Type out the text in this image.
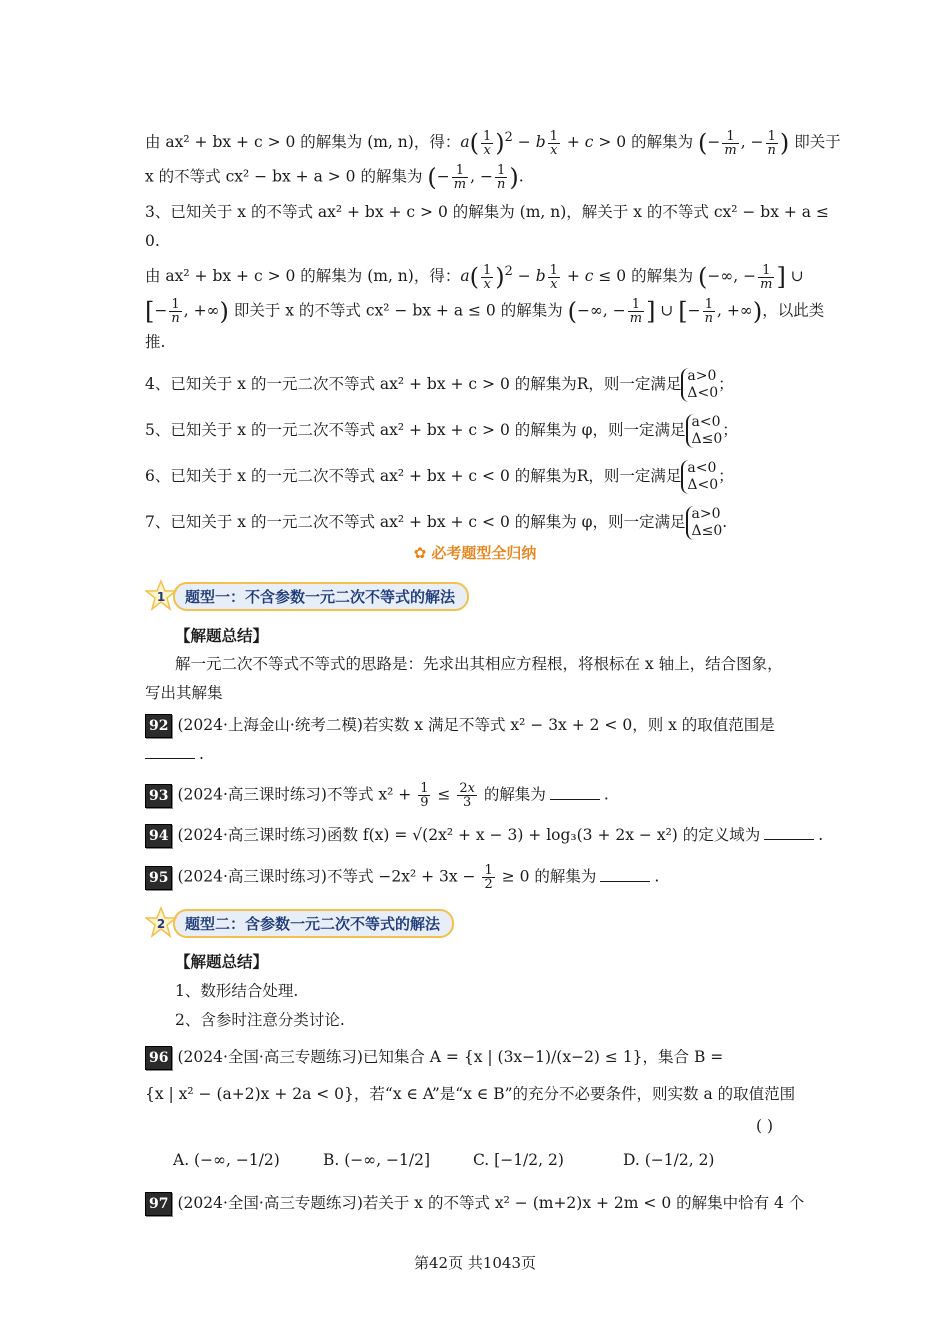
由 ax² + bx + c > 0 的解集为 (m, n)，得：$a( \frac{1}{x} )^2 - b \frac{1}{x} + c > 0$ 的解集为 (− $\frac{1}{m}$ , − $\frac{1}{n}$ ) 即关于
x 的不等式 cx² − bx + a > 0 的解集为 (− $\frac{1}{m}$ , − $\frac{1}{n}$ ).
3、已知关于 x 的不等式 ax² + bx + c > 0 的解集为 (m, n)，解关于 x 的不等式 cx² − bx + a ≤
0.
由 ax² + bx + c > 0 的解集为 (m, n)，得：$a( \frac{1}{x} )^2 - b \frac{1}{x} + c \le 0$ 的解集为 (−∞, − $\frac{1}{m}$ ] ∪
[− $\frac{1}{n}$ , +∞) 即关于 x 的不等式 cx² − bx + a ≤ 0 的解集为 (−∞, − $\frac{1}{m}$ ] ∪ [− $\frac{1}{n}$ , +∞)，以此类
推.
4、已知关于 x 的一元二次不等式 ax² + bx + c > 0 的解集为R，则一定满足 a>0
Δ<0；
5、已知关于 x 的一元二次不等式 ax² + bx + c > 0 的解集为 φ，则一定满足 a<0
Δ≤0；
6、已知关于 x 的一元二次不等式 ax² + bx + c < 0 的解集为R，则一定满足 a<0
Δ<0；
7、已知关于 x 的一元二次不等式 ax² + bx + c < 0 的解集为 φ，则一定满足 a>0
Δ≤0.
✿ 必考题型全归纳
1	题型一：不含参数一元二次不等式的解法
【解题总结】
解一元二次不等式不等式的思路是：先求出其相应方程根，将根标在 x 轴上，结合图象，
写出其解集
92 (2024·上海金山·统考二模)若实数 x 满足不等式 x² − 3x + 2 < 0，则 x 的取值范围是
.
93 (2024·高三课时练习)不等式 $x^2 + \frac{1}{9} \le \frac{2x}{3}$ 的解集为	.
94 (2024·高三课时练习)函数 f(x) = √(2x² + x − 3) + log₃(3 + 2x − x²) 的定义域为	.
95 (2024·高三课时练习)不等式 $-2x^2 + 3x - \frac{1}{2} \ge 0$ 的解集为	.
2	题型二：含参数一元二次不等式的解法
【解题总结】
1、数形结合处理.
2、含参时注意分类讨论.
96 (2024·全国·高三专题练习)已知集合 A = {x | (3x−1)/(x−2) ≤ 1}，集合 B =
{x | x² − (a+2)x + 2a < 0}，若“x ∈ A”是“x ∈ B”的充分不必要条件，则实数 a 的取值范围
( )
A. (−∞, −1/2)	B. (−∞, −1/2]	C. [−1/2, 2)	D. (−1/2, 2)
97 (2024·全国·高三专题练习)若关于 x 的不等式 x² − (m+2)x + 2m < 0 的解集中恰有 4 个
第42页 共1043页
